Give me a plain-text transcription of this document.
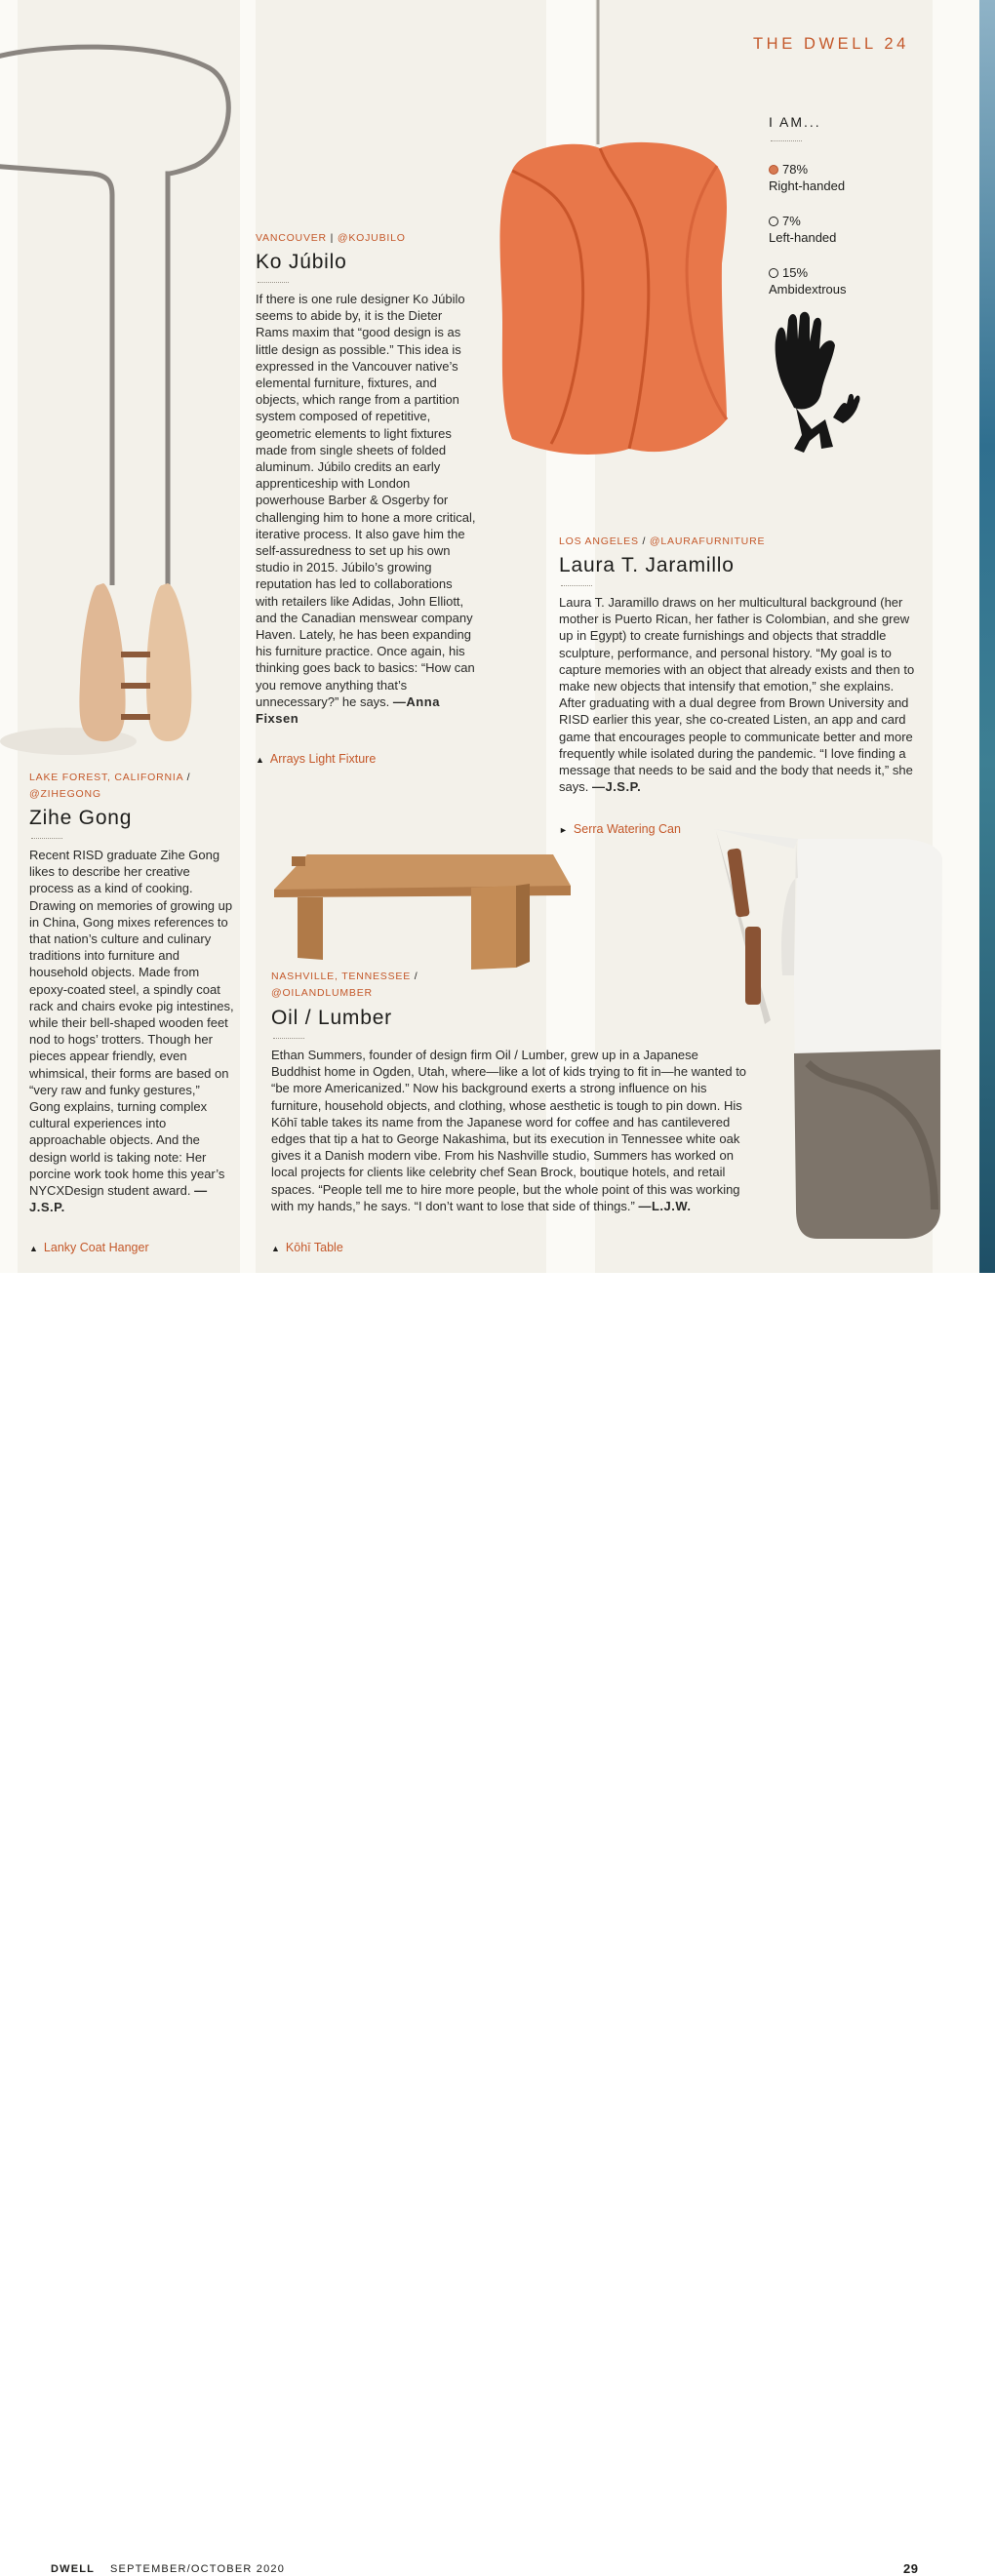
THE DWELL 24
I AM...
78%
Right-handed
7%
Left-handed
15%
Ambidextrous
VANCOUVER | @KOJUBILO
Ko Júbilo

If there is one rule designer Ko Júbilo seems to abide by, it is the Dieter Rams maxim that “good design is as little design as possible.” This idea is expressed in the Vancouver native’s elemental furniture, fixtures, and objects, which range from a partition system composed of repetitive, geometric elements to light fixtures made from single sheets of folded aluminum. Júbilo credits an early apprenticeship with London powerhouse Barber & Osgerby for challenging him to hone a more critical, iterative process. It also gave him the self-assuredness to set up his own studio in 2015. Júbilo’s growing reputation has led to collaborations with retailers like Adidas, John Elliott, and the Canadian menswear company Haven. Lately, he has been expanding his furniture practice. Once again, his thinking goes back to basics: “How can you remove anything that’s unnecessary?” he says. —Anna Fixsen

▲ Arrays Light Fixture
LOS ANGELES / @LAURAFURNITURE
Laura T. Jaramillo

Laura T. Jaramillo draws on her multicultural background (her mother is Puerto Rican, her father is Colombian, and she grew up in Egypt) to create furnishings and objects that straddle sculpture, performance, and personal history. “My goal is to capture memories with an object that already exists and then to make new objects that intensify that emotion,” she explains. After graduating with a dual degree from Brown University and RISD earlier this year, she co-created Listen, an app and card game that encourages people to communicate better and more frequently while isolated during the pandemic. “I love finding a message that needs to be said and the body that needs it,” she says. —J.S.P.

► Serra Watering Can
LAKE FOREST, CALIFORNIA /
@ZIHEGONG
Zihe Gong

Recent RISD graduate Zihe Gong likes to describe her creative process as a kind of cooking. Drawing on memories of growing up in China, Gong mixes references to that nation’s culture and culinary traditions into furniture and household objects. Made from epoxy-coated steel, a spindly coat rack and chairs evoke pig intestines, while their bell-shaped wooden feet nod to hogs’ trotters. Though her pieces appear friendly, even whimsical, their forms are based on “very raw and funky gestures,” Gong explains, turning complex cultural experiences into approachable objects. And the design world is taking note: Her porcine work took home this year’s NYCXDesign student award. —J.S.P.

▲ Lanky Coat Hanger
NASHVILLE, TENNESSEE /
@OILANDLUMBER
Oil / Lumber

Ethan Summers, founder of design firm Oil / Lumber, grew up in a Japanese Buddhist home in Ogden, Utah, where—like a lot of kids trying to fit in—he wanted to “be more Americanized.” Now his background exerts a strong influence on his furniture, household objects, and clothing, whose aesthetic is tough to pin down. His Kōhī table takes its name from the Japanese word for coffee and has cantilevered edges that tip a hat to George Nakashima, but its execution in Tennessee white oak gives it a Danish modern vibe. From his Nashville studio, Summers has worked on local projects for clients like celebrity chef Sean Brock, boutique hotels, and retail spaces. “People tell me to hire more people, but the whole point of this was working with my hands,” he says. “I don’t want to lose that side of things.” —L.J.W.

▲ Kōhī Table
DWELL SEPTEMBER/OCTOBER 2020	29
